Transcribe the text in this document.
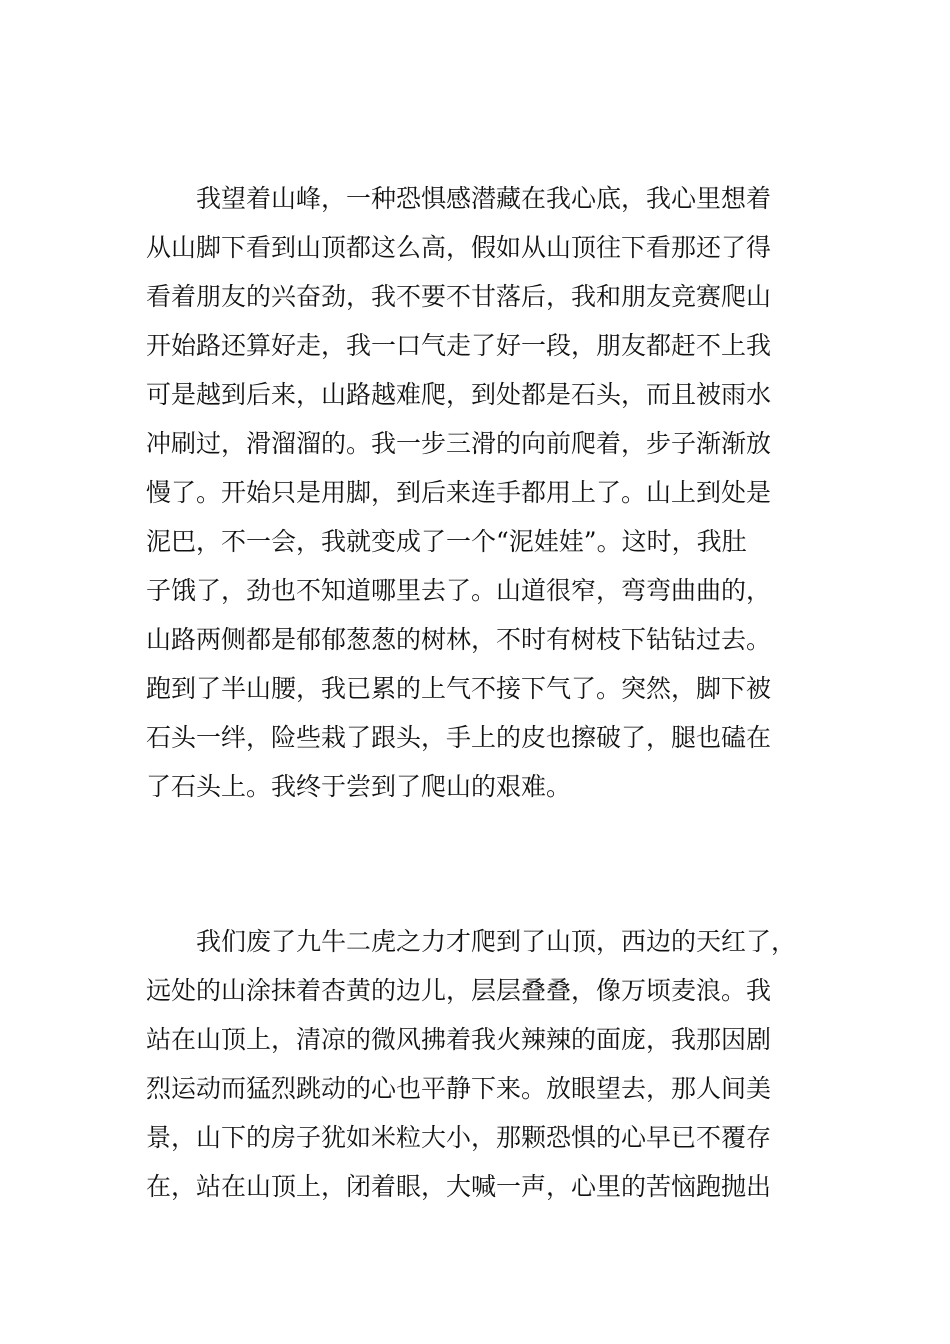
　　我望着山峰，一种恐惧感潜藏在我心底，我心里想着
从山脚下看到山顶都这么高，假如从山顶往下看那还了得
看着朋友的兴奋劲，我不要不甘落后，我和朋友竞赛爬山
开始路还算好走，我一口气走了好一段，朋友都赶不上我
可是越到后来，山路越难爬，到处都是石头，而且被雨水
冲刷过，滑溜溜的。我一步三滑的向前爬着，步子渐渐放
慢了。开始只是用脚，到后来连手都用上了。山上到处是
泥巴，不一会，我就变成了一个“泥娃娃”。这时，我肚
子饿了，劲也不知道哪里去了。山道很窄，弯弯曲曲的，
山路两侧都是郁郁葱葱的树林，不时有树枝下钻钻过去。
跑到了半山腰，我已累的上气不接下气了。突然，脚下被
石头一绊，险些栽了跟头，手上的皮也擦破了，腿也磕在
了石头上。我终于尝到了爬山的艰难。
　　我们废了九牛二虎之力才爬到了山顶，西边的天红了，
远处的山涂抹着杏黄的边儿，层层叠叠，像万顷麦浪。我
站在山顶上，清凉的微风拂着我火辣辣的面庞，我那因剧
烈运动而猛烈跳动的心也平静下来。放眼望去，那人间美
景，山下的房子犹如米粒大小，那颗恐惧的心早已不覆存
在，站在山顶上，闭着眼，大喊一声，心里的苦恼跑抛出
